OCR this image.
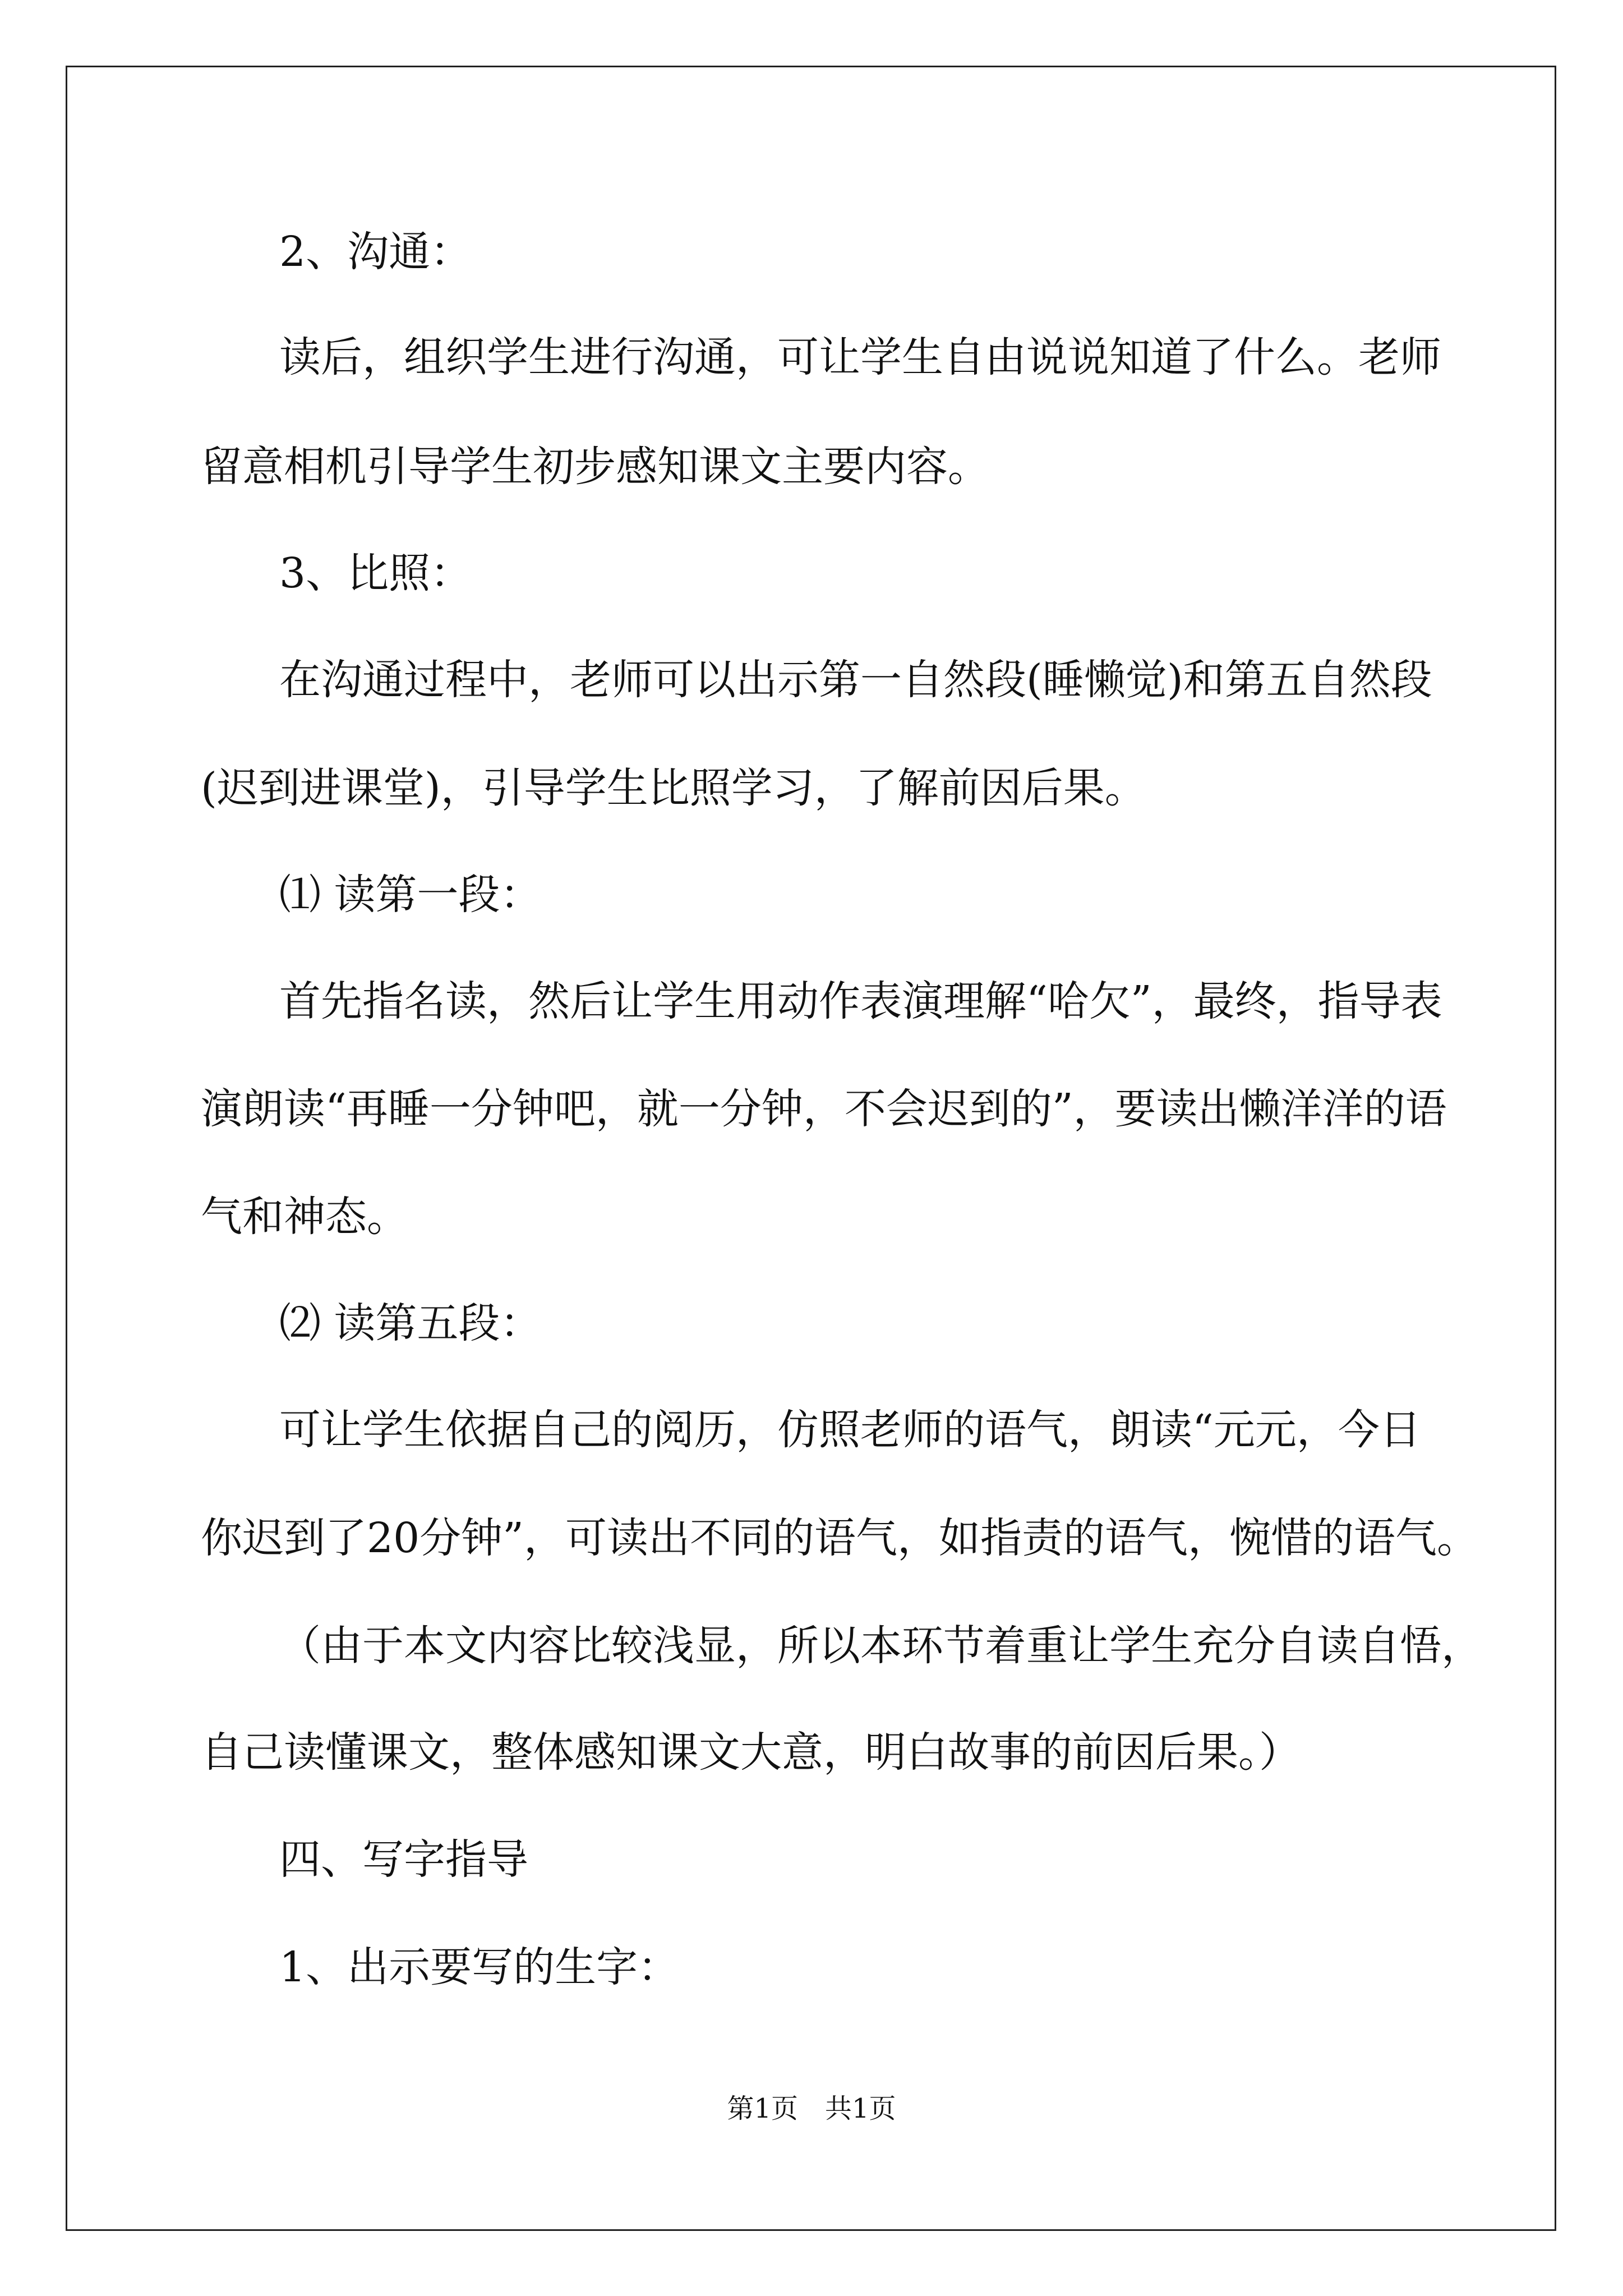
2、沟通：
读后，组织学生进行沟通，可让学生自由说说知道了什么。老师
留意相机引导学生初步感知课文主要内容。
3、比照：
在沟通过程中，老师可以出示第一自然段(睡懒觉)和第五自然段
(迟到进课堂)，引导学生比照学习，了解前因后果。
⑴ 读第一段：
首先指名读，然后让学生用动作表演理解“哈欠”，最终，指导表
演朗读“再睡一分钟吧，就一分钟，不会迟到的”，要读出懒洋洋的语
气和神态。
⑵ 读第五段：
可让学生依据自己的阅历，仿照老师的语气，朗读“元元，今日
你迟到了20分钟”，可读出不同的语气，如指责的语气，惋惜的语气。
（由于本文内容比较浅显，所以本环节着重让学生充分自读自悟，
自己读懂课文，整体感知课文大意，明白故事的前因后果。）
四、写字指导
1、出示要写的生字：
第1页　共1页
